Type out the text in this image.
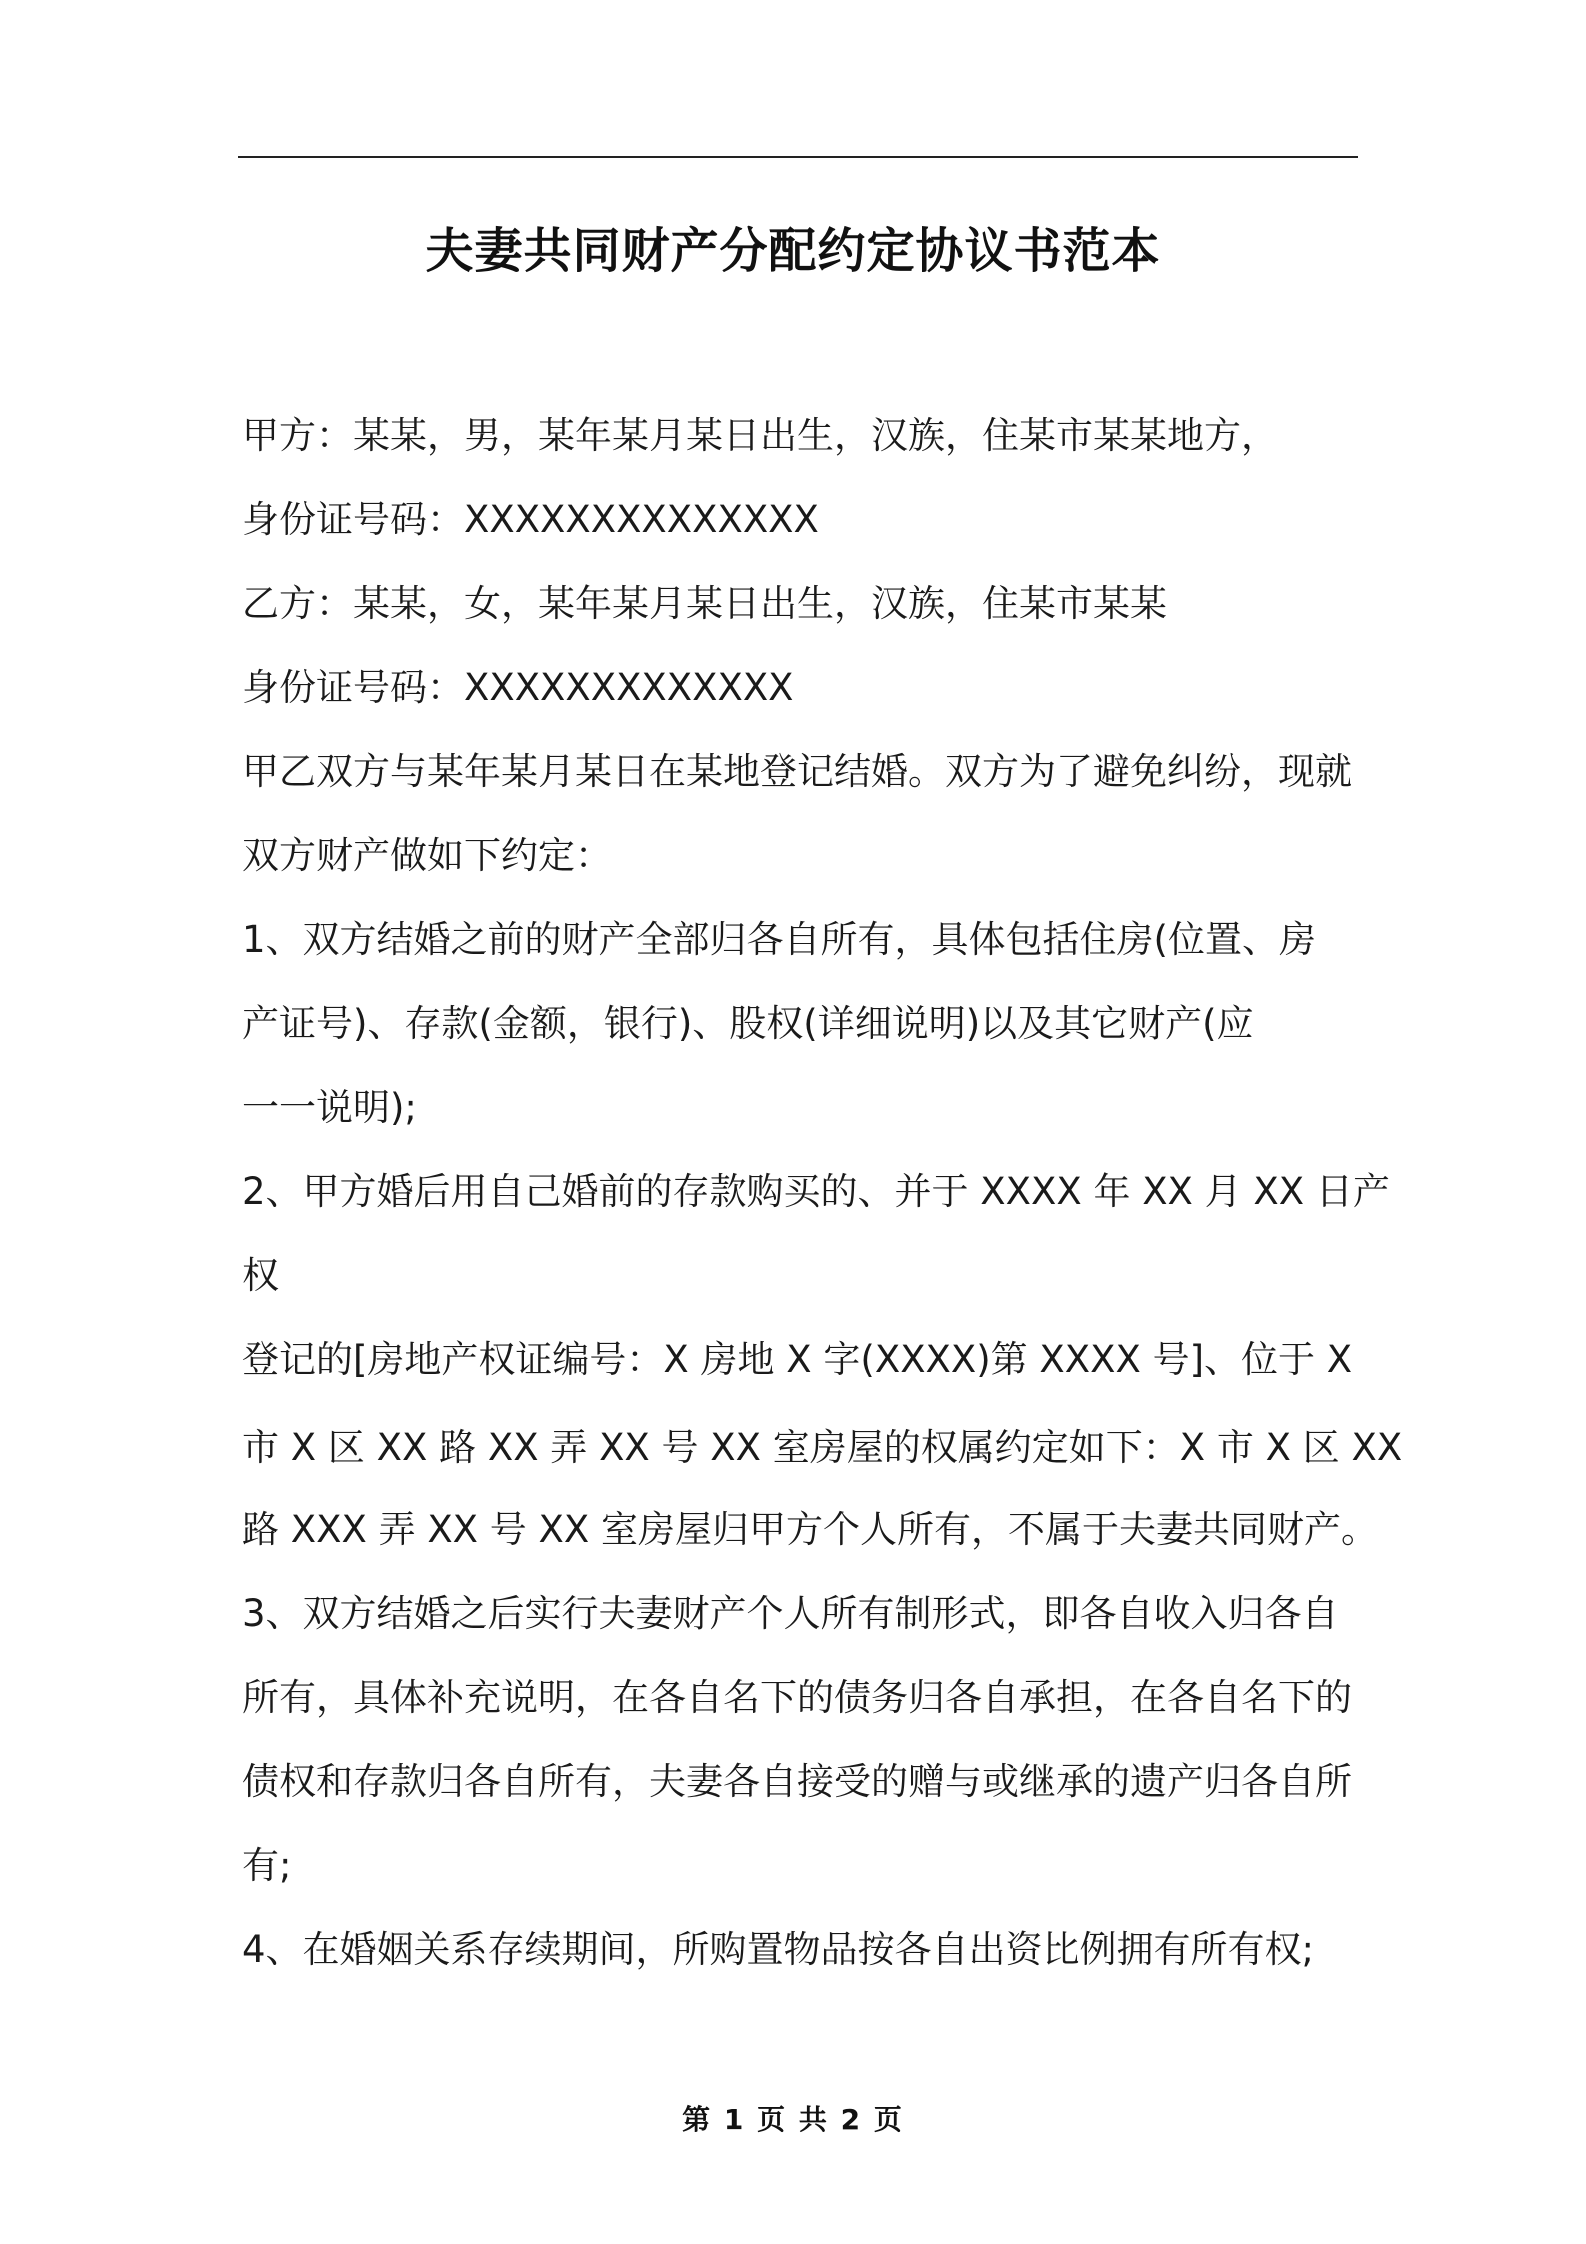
夫妻共同财产分配约定协议书范本
甲方：某某，男，某年某月某日出生，汉族，住某市某某地方，
身份证号码：XXXXXXXXXXXXXX
乙方：某某，女，某年某月某日出生，汉族，住某市某某
身份证号码：XXXXXXXXXXXXX
甲乙双方与某年某月某日在某地登记结婚。双方为了避免纠纷，现就
双方财产做如下约定：
1、双方结婚之前的财产全部归各自所有，具体包括住房(位置、房
产证号)、存款(金额，银行)、股权(详细说明)以及其它财产(应
一一说明);
2、甲方婚后用自己婚前的存款购买的、并于 XXXX 年 XX 月 XX 日产
权
登记的[房地产权证编号：X 房地 X 字(XXXX)第 XXXX 号]、位于 X
市 X 区 XX 路 XX 弄 XX 号 XX 室房屋的权属约定如下：X 市 X 区 XX
路 XXX 弄 XX 号 XX 室房屋归甲方个人所有，不属于夫妻共同财产。
3、双方结婚之后实行夫妻财产个人所有制形式，即各自收入归各自
所有，具体补充说明，在各自名下的债务归各自承担，在各自名下的
债权和存款归各自所有，夫妻各自接受的赠与或继承的遗产归各自所
有;
4、在婚姻关系存续期间，所购置物品按各自出资比例拥有所有权;
第 1 页 共 2 页
